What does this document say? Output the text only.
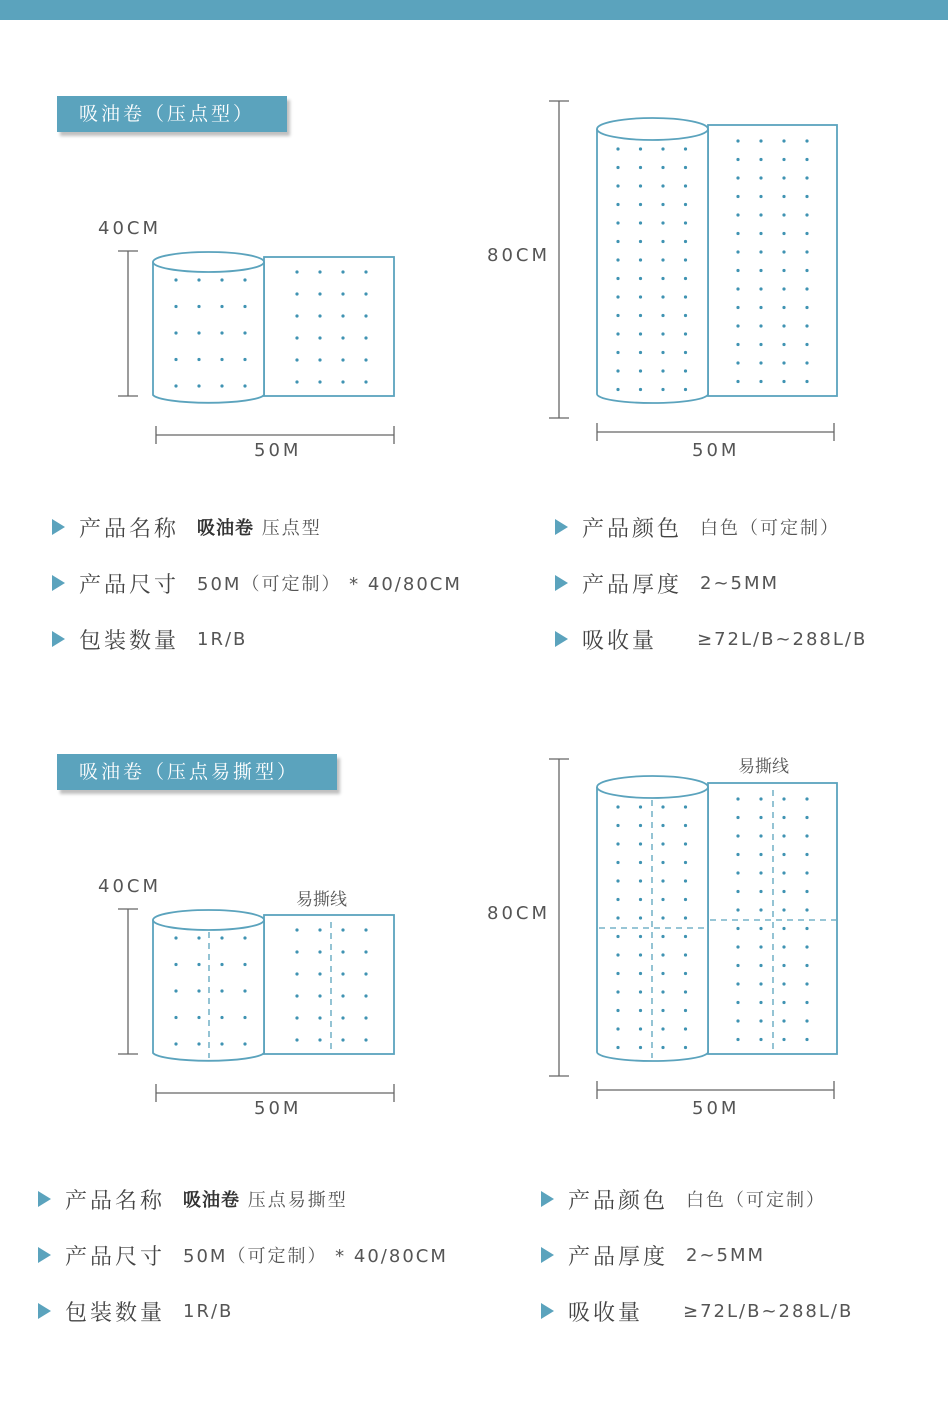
吸油卷（压点型）
40CM
80CM
50M	50M
产品名称 吸油卷 压点型
产品尺寸 50M（可定制） * 40/80CM
包装数量 1R/B
产品颜色 白色（可定制）
产品厚度 2~5MM
吸收量 ≥72L/B~288L/B
吸油卷（压点易撕型）
40CM
80CM
50M	50M
易撕线
易撕线
产品名称 吸油卷 压点易撕型
产品尺寸 50M（可定制） * 40/80CM
包装数量 1R/B
产品颜色 白色（可定制）
产品厚度 2~5MM
吸收量 ≥72L/B~288L/B
